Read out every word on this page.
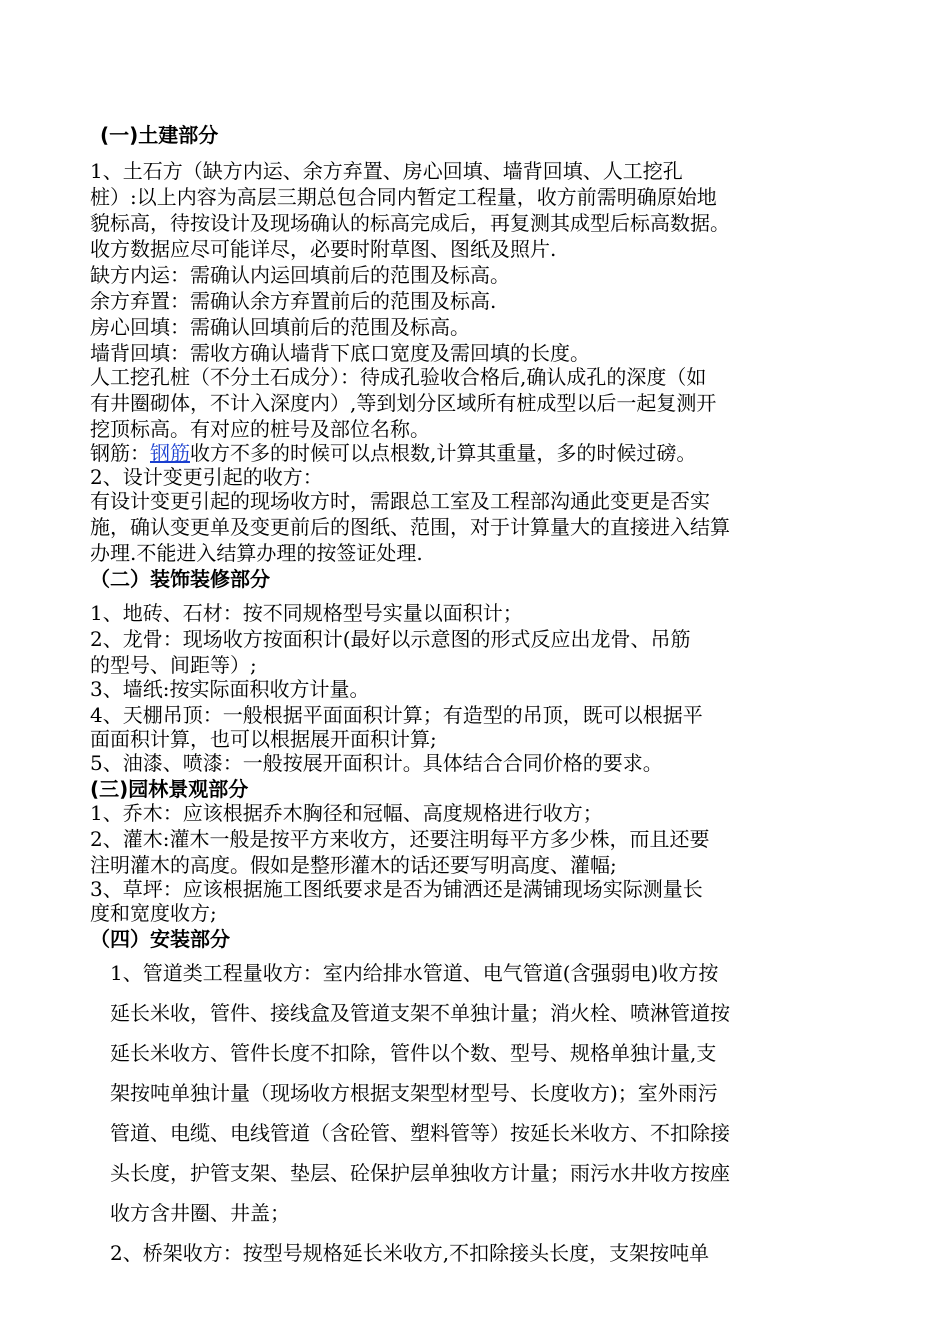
(一)土建部分
1、土石方（缺方内运、余方弃置、房心回填、墙背回填、人工挖孔
桩）:以上内容为高层三期总包合同内暂定工程量，收方前需明确原始地
貌标高，待按设计及现场确认的标高完成后，再复测其成型后标高数据。
收方数据应尽可能详尽，必要时附草图、图纸及照片.
缺方内运：需确认内运回填前后的范围及标高。
余方弃置：需确认余方弃置前后的范围及标高.
房心回填：需确认回填前后的范围及标高。
墙背回填：需收方确认墙背下底口宽度及需回填的长度。
人工挖孔桩（不分土石成分）：待成孔验收合格后,确认成孔的深度（如
有井圈砌体，不计入深度内）,等到划分区域所有桩成型以后一起复测开
挖顶标高。有对应的桩号及部位名称。
钢筋：钢筋收方不多的时候可以点根数,计算其重量，多的时候过磅。
2、设计变更引起的收方：
有设计变更引起的现场收方时，需跟总工室及工程部沟通此变更是否实
施，确认变更单及变更前后的图纸、范围，对于计算量大的直接进入结算
办理.不能进入结算办理的按签证处理.
（二）装饰装修部分
1、地砖、石材：按不同规格型号实量以面积计；
2、龙骨：现场收方按面积计(最好以示意图的形式反应出龙骨、吊筋
的型号、间距等）;
3、墙纸:按实际面积收方计量。
4、天棚吊顶：一般根据平面面积计算；有造型的吊顶，既可以根据平
面面积计算，也可以根据展开面积计算;
5、油漆、喷漆：一般按展开面积计。具体结合合同价格的要求。
(三)园林景观部分
1、乔木：应该根据乔木胸径和冠幅、高度规格进行收方；
2、灌木:灌木一般是按平方来收方，还要注明每平方多少株，而且还要
注明灌木的高度。假如是整形灌木的话还要写明高度、灌幅;
3、草坪：应该根据施工图纸要求是否为铺洒还是满铺现场实际测量长
度和宽度收方;
（四）安装部分
1、管道类工程量收方：室内给排水管道、电气管道(含强弱电)收方按
延长米收，管件、接线盒及管道支架不单独计量；消火栓、喷淋管道按
延长米收方、管件长度不扣除，管件以个数、型号、规格单独计量,支
架按吨单独计量（现场收方根据支架型材型号、长度收方)；室外雨污
管道、电缆、电线管道（含砼管、塑料管等）按延长米收方、不扣除接
头长度，护管支架、垫层、砼保护层单独收方计量；雨污水井收方按座
收方含井圈、井盖；
2、桥架收方：按型号规格延长米收方,不扣除接头长度，支架按吨单
